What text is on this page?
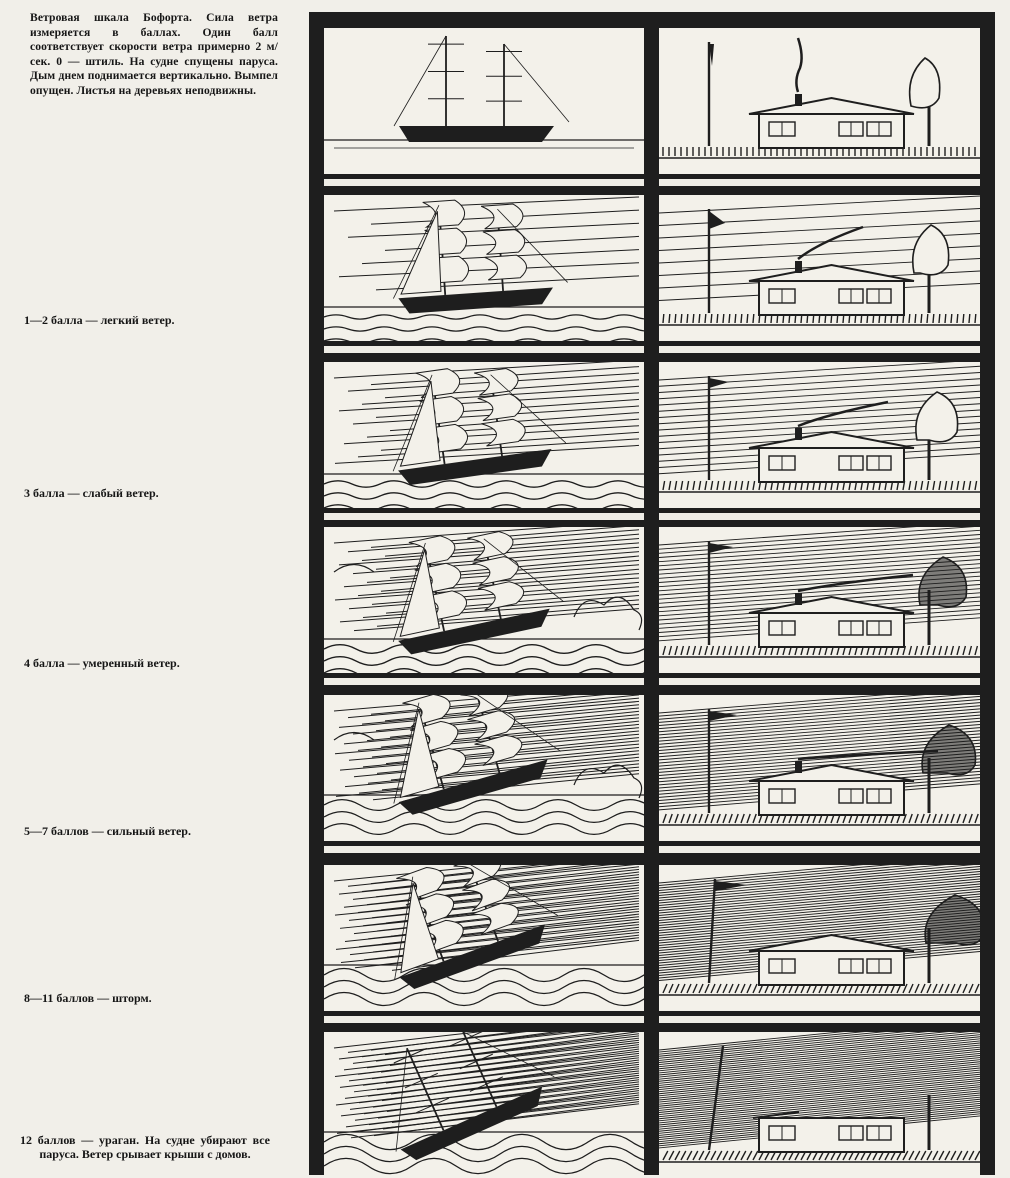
Ветровая шкала Бофорта. Сила ветра измеряется в баллах. Один балл соответствует скорости ветра примерно 2 м/сек. 0 — штиль. На судне спущены паруса. Дым днем поднимается вертикально. Вымпел опущен. Листья на деревьях неподвижны.
1—2 балла — легкий ветер.
3 балла — слабый ветер.
4 балла — умеренный ветер.
5—7 баллов — сильный ветер.
8—11 баллов — шторм.
12 баллов — ураган. На судне убирают все паруса. Ветер срывает крыши с домов.
